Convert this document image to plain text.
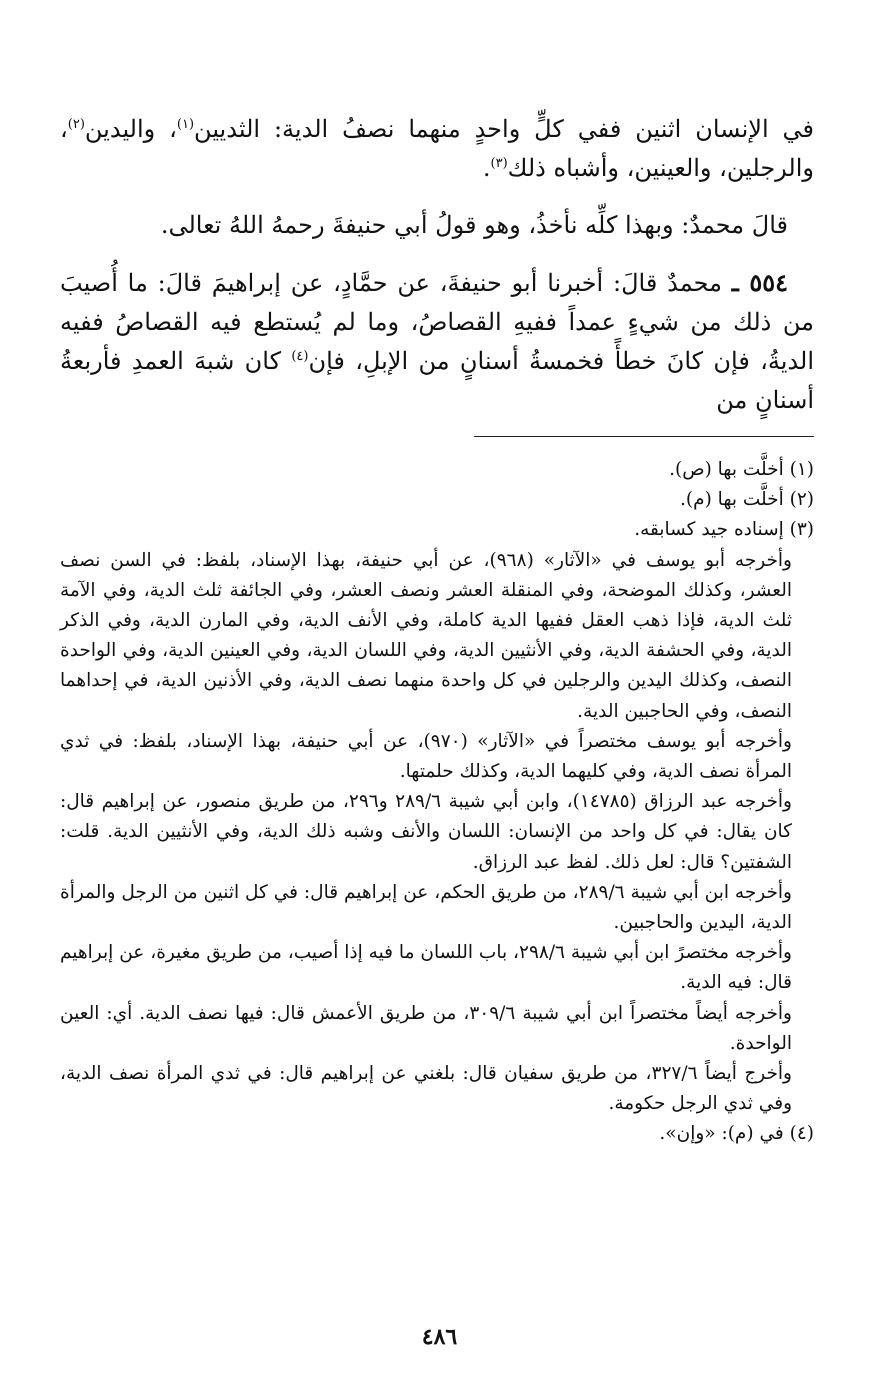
في الإنسان اثنين ففي كلٍّ واحدٍ منهما نصفُ الدية: الثديين$^{(١)}$، واليدين$^{(٢)}$، والرجلين، والعينين، وأشباه ذلك$^{(٣)}$.

قالَ محمدٌ: وبهذا كلِّه نأخذُ، وهو قولُ أبي حنيفةَ رحمهُ اللهُ تعالى.

٥٥٤ ـ محمدٌ قالَ: أخبرنا أبو حنيفةَ، عن حمَّادٍ، عن إبراهيمَ قالَ: ما أُصيبَ من ذلك من شيءٍ عمداً ففيهِ القصاصُ، وما لم يُستطع فيه القصاصُ ففيه الديةُ، فإن كانَ خطأً فخمسةُ أسنانٍ من الإبلِ، فإن$^{(٤)}$ كان شبهَ العمدِ فأربعةُ أسنانٍ من

(١) أخلَّت بها (ص).

(٢) أخلَّت بها (م).

(٣) إسناده جيد كسابقه.

وأخرجه أبو يوسف في «الآثار» (٩٦٨)، عن أبي حنيفة، بهذا الإسناد، بلفظ: في السن نصف العشر، وكذلك الموضحة، وفي المنقلة العشر ونصف العشر، وفي الجائفة ثلث الدية، وفي الآمة ثلث الدية، فإذا ذهب العقل ففيها الدية كاملة، وفي الأنف الدية، وفي المارن الدية، وفي الذكر الدية، وفي الحشفة الدية، وفي الأنثيين الدية، وفي اللسان الدية، وفي العينين الدية، وفي الواحدة النصف، وكذلك اليدين والرجلين في كل واحدة منهما نصف الدية، وفي الأذنين الدية، في إحداهما النصف، وفي الحاجبين الدية.

وأخرجه أبو يوسف مختصراً في «الآثار» (٩٧٠)، عن أبي حنيفة، بهذا الإسناد، بلفظ: في ثدي المرأة نصف الدية، وفي كليهما الدية، وكذلك حلمتها.

وأخرجه عبد الرزاق (١٤٧٨٥)، وابن أبي شيبة ٢٨٩/٦ و٢٩٦، من طريق منصور، عن إبراهيم قال: كان يقال: في كل واحد من الإنسان: اللسان والأنف وشبه ذلك الدية، وفي الأنثيين الدية. قلت: الشفتين؟ قال: لعل ذلك. لفظ عبد الرزاق.

وأخرجه ابن أبي شيبة ٢٨٩/٦، من طريق الحكم، عن إبراهيم قال: في كل اثنين من الرجل والمرأة الدية، اليدين والحاجبين.

وأخرجه مختصرً ابن أبي شيبة ٢٩٨/٦، باب اللسان ما فيه إذا أصيب، من طريق مغيرة، عن إبراهيم قال: فيه الدية.

وأخرجه أيضاً مختصراً ابن أبي شيبة ٣٠٩/٦، من طريق الأعمش قال: فيها نصف الدية. أي: العين الواحدة.

وأخرج أيضاً ٣٢٧/٦، من طريق سفيان قال: بلغني عن إبراهيم قال: في ثدي المرأة نصف الدية، وفي ثدي الرجل حكومة.

(٤) في (م): «وإن».

٤٨٦
